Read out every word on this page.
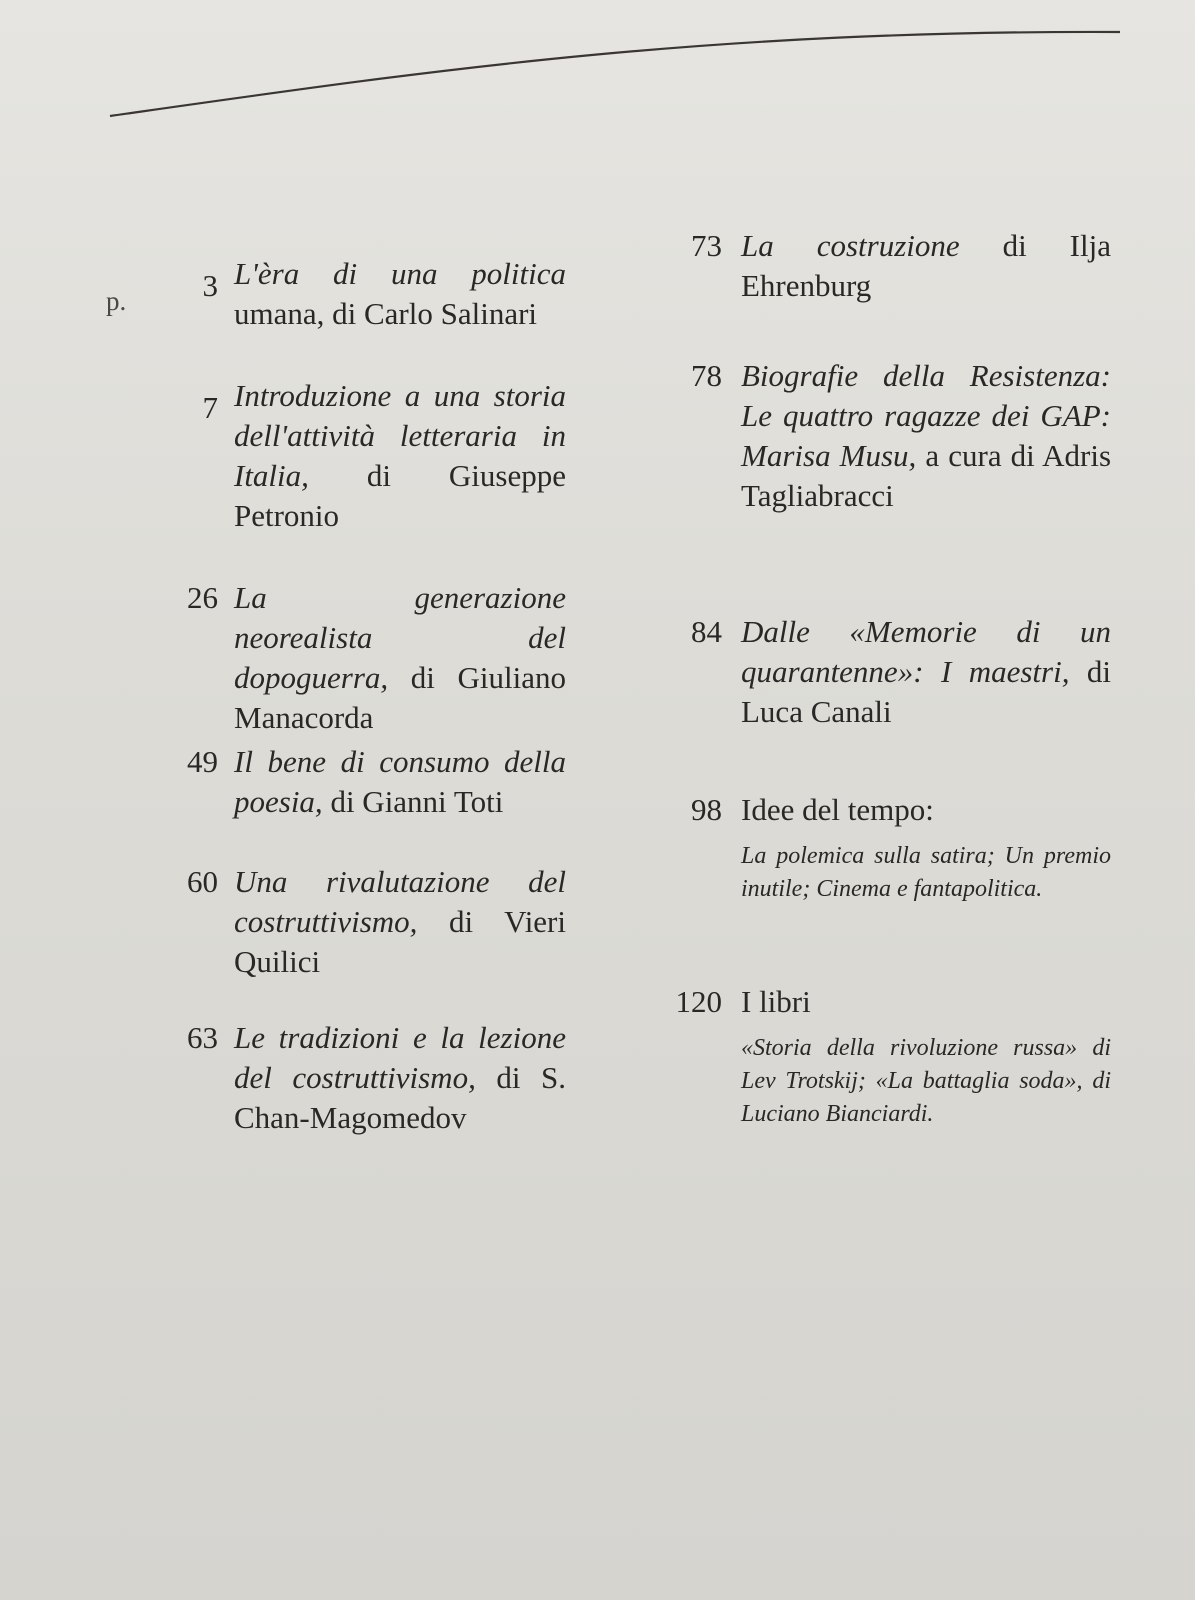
p.	3 L'èra di una politica umana, di Carlo Salinari
7 Introduzione a una storia dell'attività letteraria in Italia, di Giuseppe Petronio
26 La generazione neorealista del dopoguerra, di Giuliano Manacorda
49 Il bene di consumo della poesia, di Gianni Toti
60 Una rivalutazione del costruttivismo, di Vieri Quilici
63 Le tradizioni e la lezione del costruttivismo, di S. Chan-Magomedov
73 La costruzione di Ilja Ehrenburg
78 Biografie della Resistenza: Le quattro ragazze dei GAP: Marisa Musu, a cura di Adris Tagliabracci
84 Dalle «Memorie di un quarantenne»: I maestri, di Luca Canali
98 Idee del tempo:
La polemica sulla satira; Un premio inutile; Cinema e fantapolitica.
120 I libri
«Storia della rivoluzione russa» di Lev Trotskij; «La battaglia soda», di Luciano Bianciardi.
